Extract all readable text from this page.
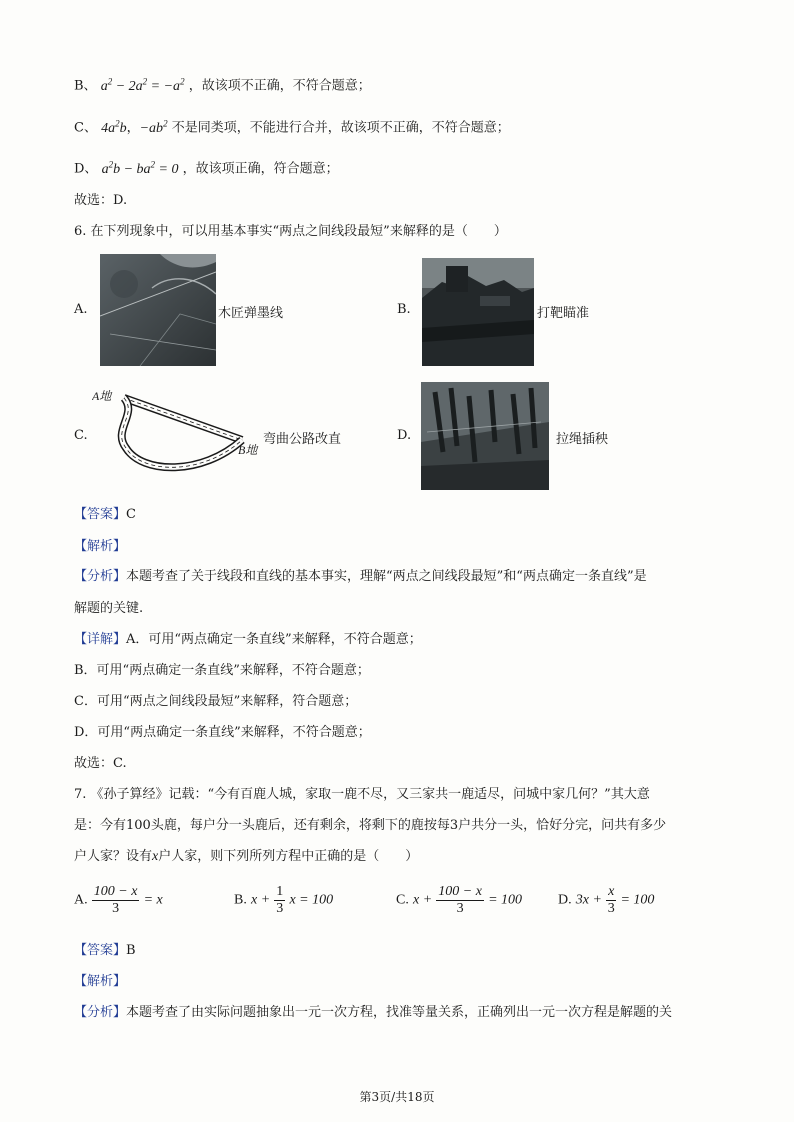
B、 $a^2 - 2a^2 = -a^2$ ，故该项不正确，不符合题意；
C、 $4a^2b$，$-ab^2$ 不是同类项，不能进行合并，故该项不正确，不符合题意；
D、 $a^2b - ba^2 = 0$ ，故该项正确，符合题意；
故选：D.
6. 在下列现象中，可以用基本事实“两点之间线段最短”来解释的是（　　）
A.	木匠弹墨线	B.	打靶瞄准
C.
A地
B地
弯曲公路改直	D.	拉绳插秧
【答案】C
【解析】
【分析】本题考查了关于线段和直线的基本事实，理解“两点之间线段最短”和“两点确定一条直线”是
解题的关键.
【详解】A．可用“两点确定一条直线”来解释，不符合题意；
B．可用“两点确定一条直线”来解释，不符合题意；
C．可用“两点之间线段最短”来解释，符合题意；
D．可用“两点确定一条直线”来解释，不符合题意；
故选：C.
7. 《孙子算经》记载：“今有百鹿人城，家取一鹿不尽，又三家共一鹿适尽，问城中家几何？”其大意
是：今有100头鹿，每户分一头鹿后，还有剩余，将剩下的鹿按每3户共分一头，恰好分完，问共有多少
户人家？设有x户人家，则下列所列方程中正确的是（　　）
A. $\frac{100 - x}{3} = x$	B. $x + \frac{1}{3}$ x = 100	C. $x + \frac{100 - x}{3} = 100$	D. $3x + \frac{x}{3} = 100$
【答案】B
【解析】
【分析】本题考查了由实际问题抽象出一元一次方程，找准等量关系，正确列出一元一次方程是解题的关
第3页/共18页
